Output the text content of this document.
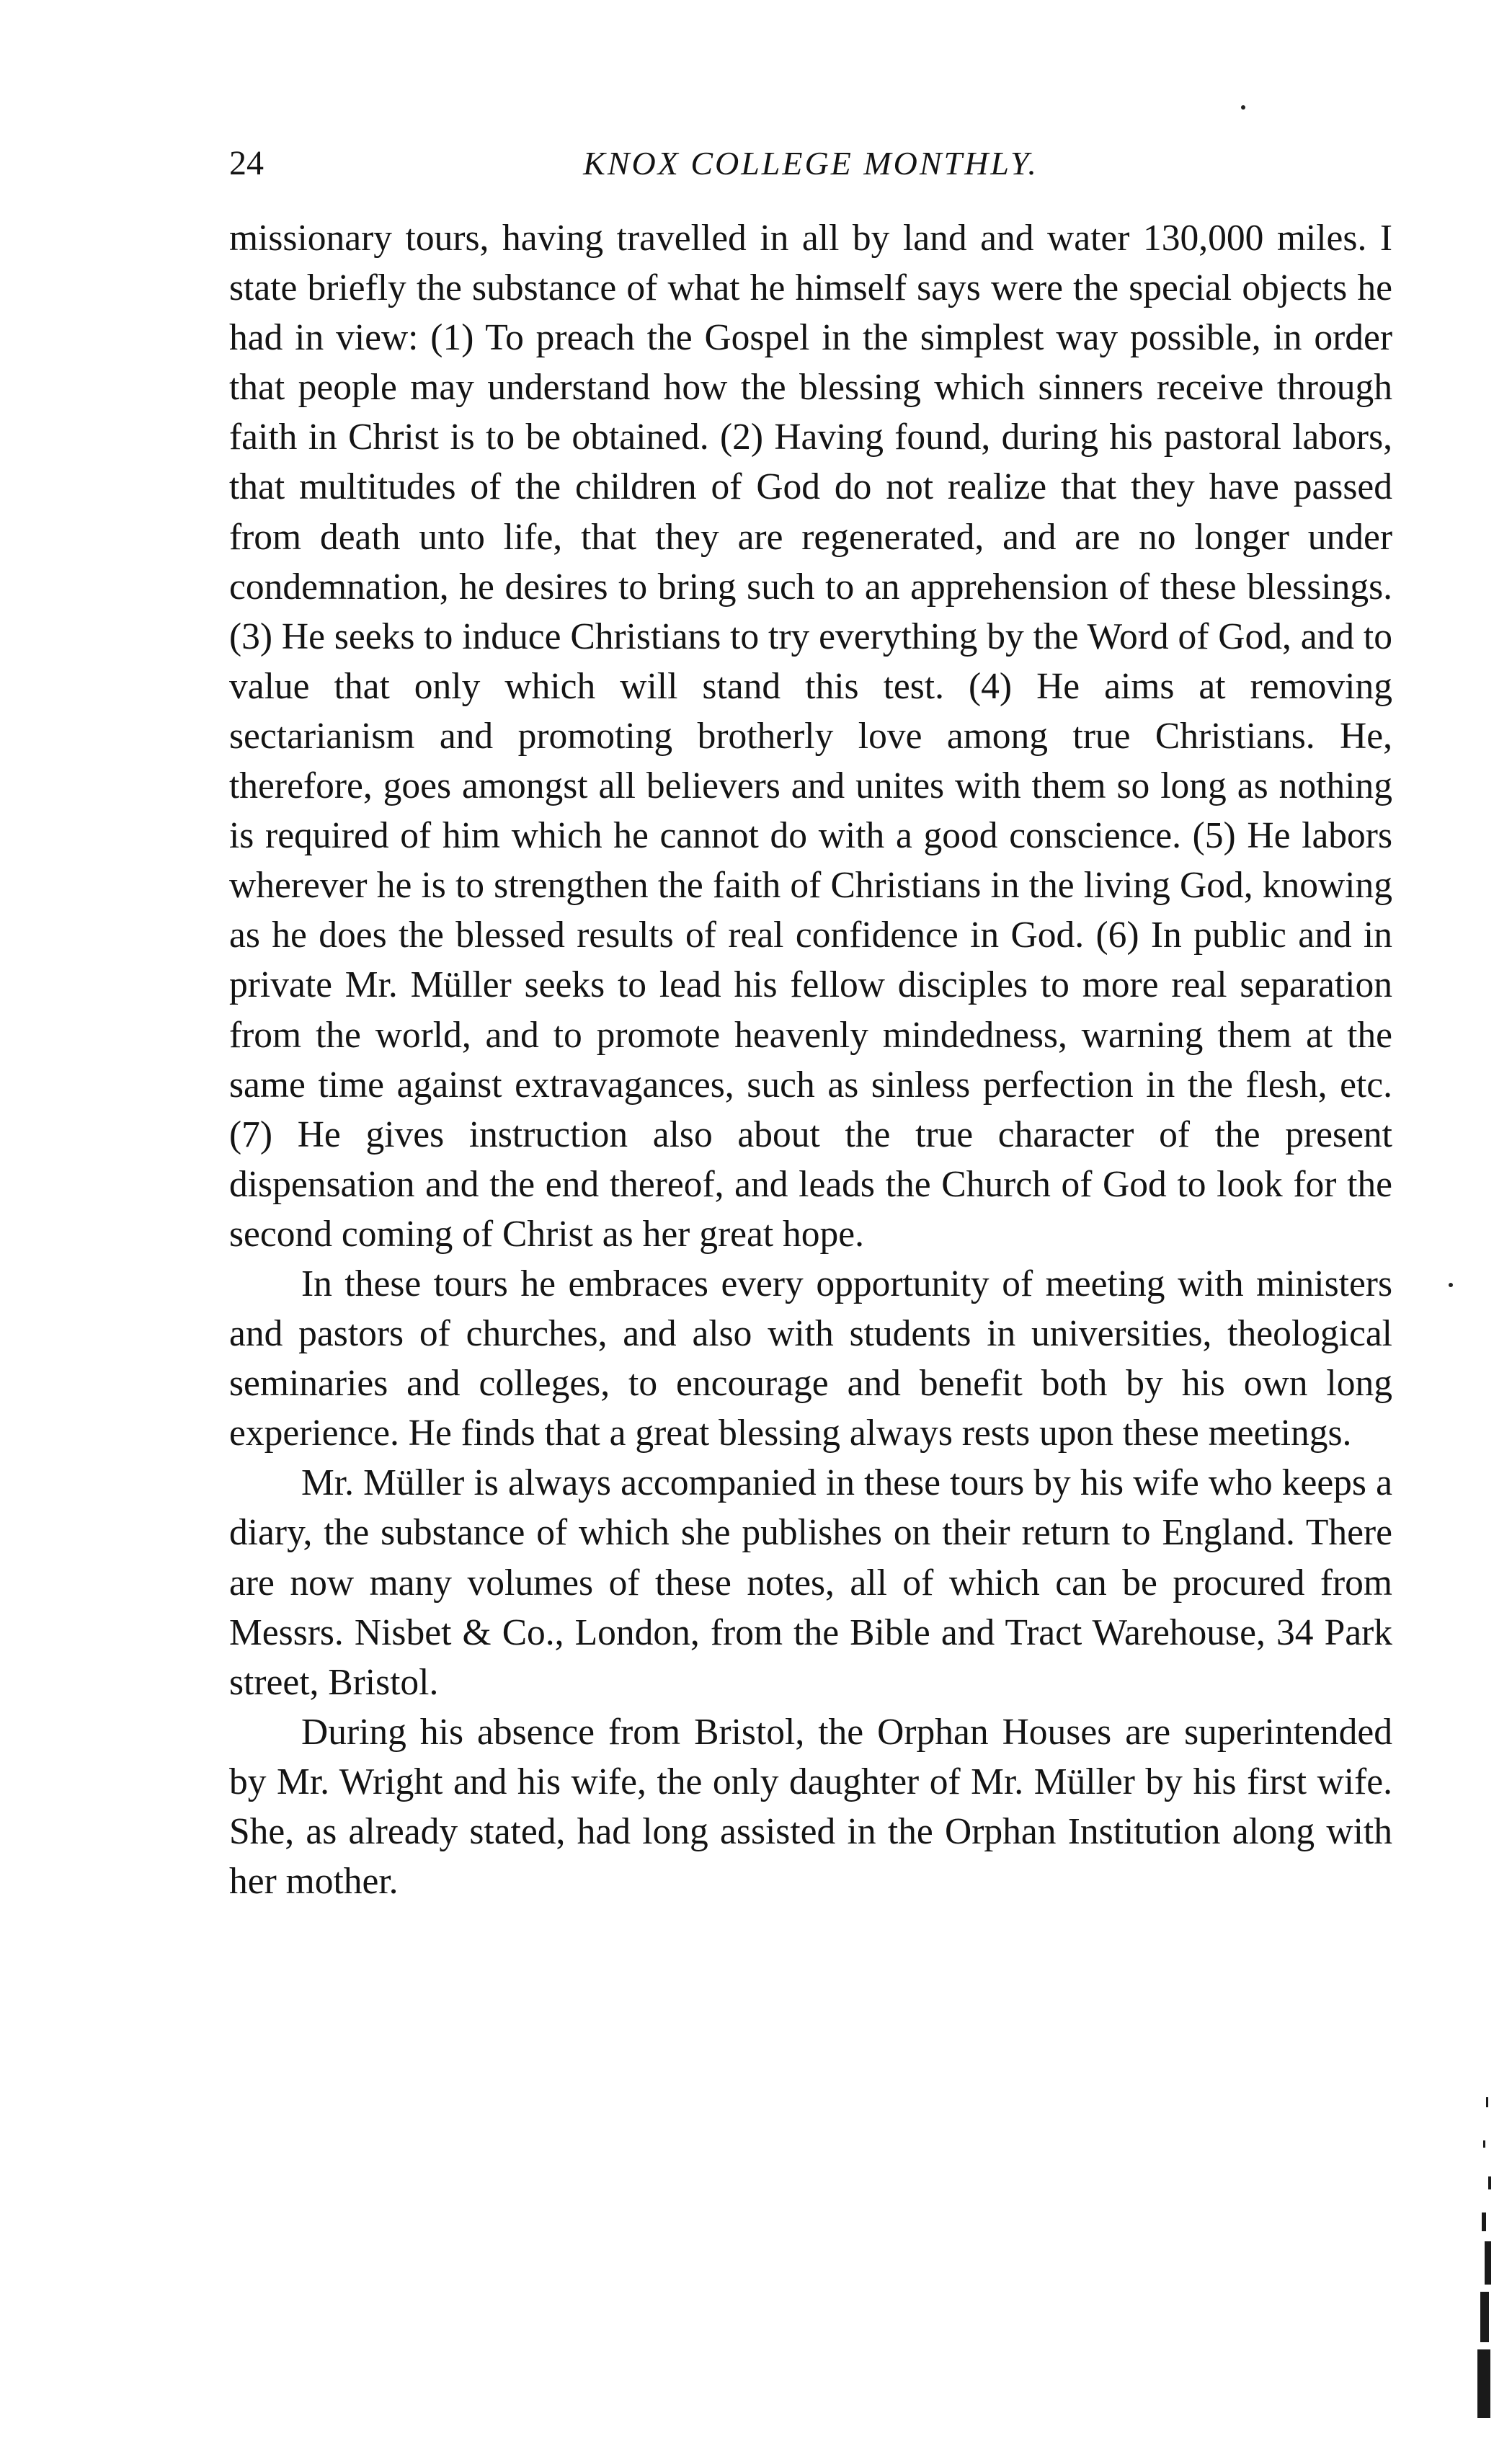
24	KNOX COLLEGE MONTHLY.

missionary tours, having travelled in all by land and water 130,000 miles. I state briefly the substance of what he himself says were the special objects he had in view: (1) To preach the Gospel in the simplest way possible, in order that people may understand how the blessing which sinners receive through faith in Christ is to be obtained. (2) Having found, during his pastoral labors, that multitudes of the children of God do not realize that they have passed from death unto life, that they are regenerated, and are no longer under condemnation, he desires to bring such to an apprehension of these blessings. (3) He seeks to induce Christians to try everything by the Word of God, and to value that only which will stand this test. (4) He aims at removing sectarianism and promoting brotherly love among true Christians. He, therefore, goes amongst all believers and unites with them so long as nothing is required of him which he cannot do with a good conscience. (5) He labors wherever he is to strengthen the faith of Christians in the living God, knowing as he does the blessed results of real confidence in God. (6) In public and in private Mr. Müller seeks to lead his fellow disciples to more real separation from the world, and to promote heavenly mindedness, warning them at the same time against extravagances, such as sinless perfection in the flesh, etc. (7) He gives instruction also about the true character of the present dispensation and the end thereof, and leads the Church of God to look for the second coming of Christ as her great hope.

In these tours he embraces every opportunity of meeting with ministers and pastors of churches, and also with students in universities, theological seminaries and colleges, to encourage and benefit both by his own long experience. He finds that a great blessing always rests upon these meetings.

Mr. Müller is always accompanied in these tours by his wife who keeps a diary, the substance of which she publishes on their return to England. There are now many volumes of these notes, all of which can be procured from Messrs. Nisbet & Co., London, from the Bible and Tract Warehouse, 34 Park street, Bristol.

During his absence from Bristol, the Orphan Houses are superintended by Mr. Wright and his wife, the only daughter of Mr. Müller by his first wife. She, as already stated, had long assisted in the Orphan Institution along with her mother.
